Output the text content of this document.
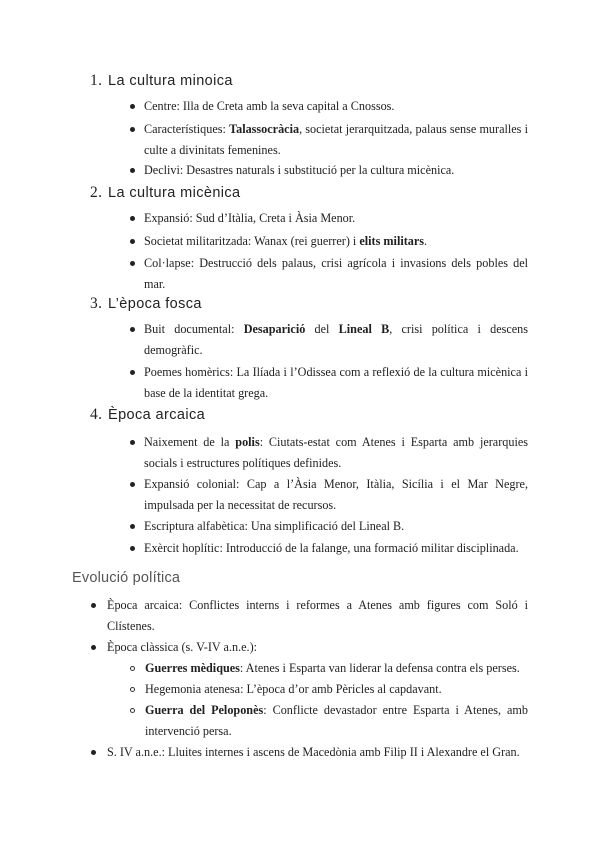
1. La cultura minoica
Centre: Illa de Creta amb la seva capital a Cnossos.
Característiques: Talassocràcia, societat jerarquitzada, palaus sense muralles i culte a divinitats femenines.
Declivi: Desastres naturals i substitució per la cultura micènica.
2. La cultura micènica
Expansió: Sud d’Itàlia, Creta i Àsia Menor.
Societat militaritzada: Wanax (rei guerrer) i elits militars.
Col·lapse: Destrucció dels palaus, crisi agrícola i invasions dels pobles del mar.
3. L’època fosca
Buit documental: Desaparició del Lineal B, crisi política i descens demogràfic.
Poemes homèrics: La Ilíada i l’Odissea com a reflexió de la cultura micènica i base de la identitat grega.
4. Època arcaica
Naixement de la polis: Ciutats-estat com Atenes i Esparta amb jerarquies socials i estructures polítiques definides.
Expansió colonial: Cap a l’Àsia Menor, Itàlia, Sicília i el Mar Negre, impulsada per la necessitat de recursos.
Escriptura alfabètica: Una simplificació del Lineal B.
Exèrcit hoplític: Introducció de la falange, una formació militar disciplinada.
Evolució política
Època arcaica: Conflictes interns i reformes a Atenes amb figures com Soló i Clístenes.
Època clàssica (s. V-IV a.n.e.):
Guerres mèdiques: Atenes i Esparta van liderar la defensa contra els perses.
Hegemonia atenesa: L’època d’or amb Pèricles al capdavant.
Guerra del Peloponès: Conflicte devastador entre Esparta i Atenes, amb intervenció persa.
S. IV a.n.e.: Lluites internes i ascens de Macedònia amb Filip II i Alexandre el Gran.
